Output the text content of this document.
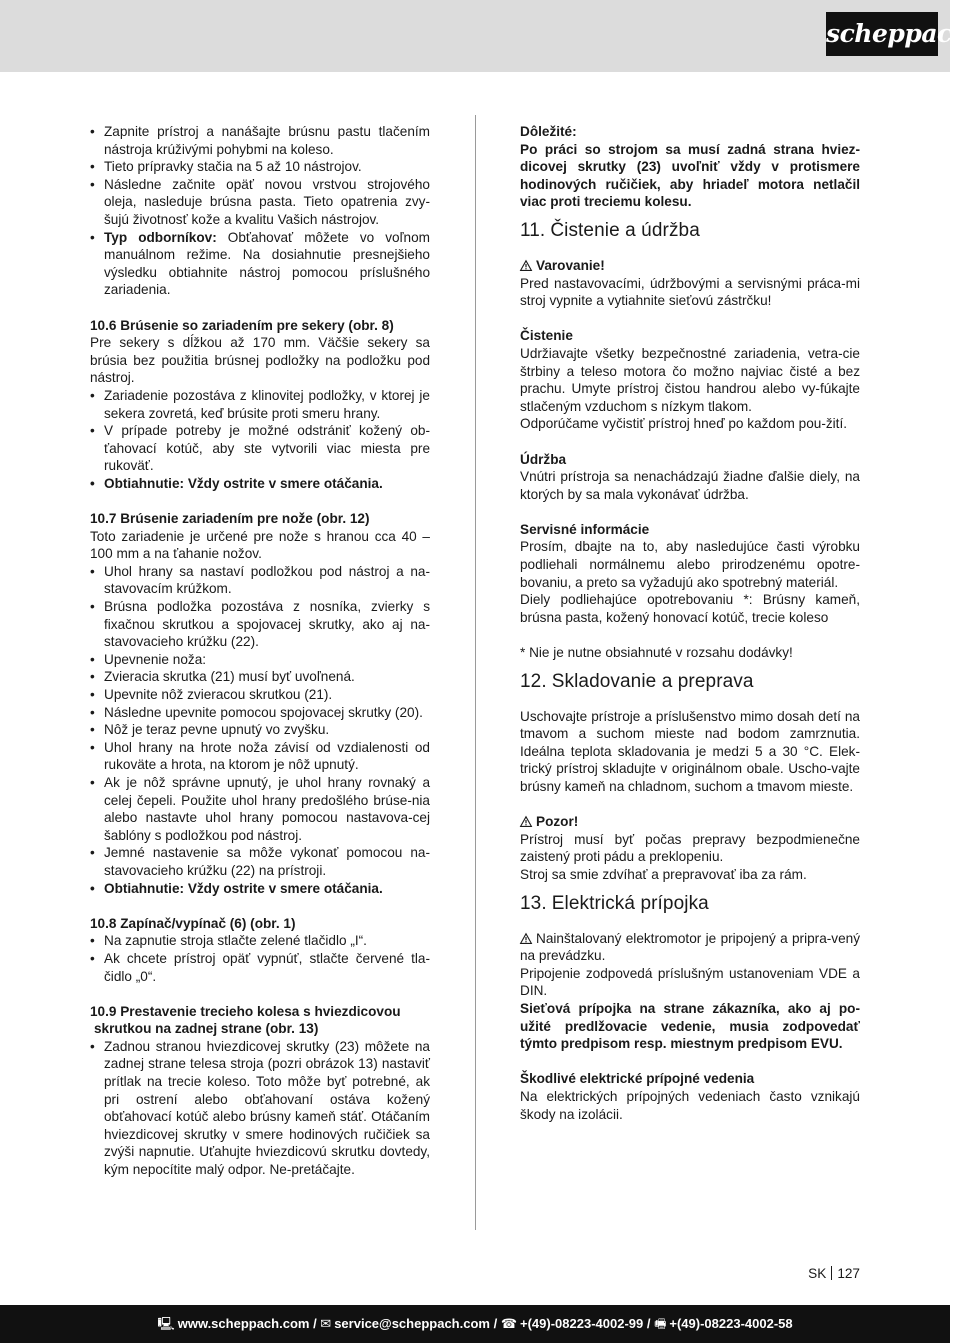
scheppach
• Zapnite prístroj a nanášajte brúsnu pastu tlačením nástroja krúživými pohybmi na koleso.
• Tieto prípravky stačia na 5 až 10 nástrojov.
• Následne začnite opäť novou vrstvou strojového oleja, nasleduje brúsna pasta. Tieto opatrenia zvy-šujú životnosť kože a kvalitu Vašich nástrojov.
• Typ odborníkov: Obťahovať môžete vo voľnom manuálnom režime. Na dosiahnutie presnejšieho výsledku obtiahnite nástroj pomocou príslušného zariadenia.

10.6 Brúsenie so zariadením pre sekery (obr. 8)

Pre sekery s dĺžkou až 170 mm. Väčšie sekery sa brúsia bez použitia brúsnej podložky na podložku pod nástroj.

• Zariadenie pozostáva z klinovitej podložky, v ktorej je sekera zovretá, keď brúsite proti smeru hrany.
• V prípade potreby je možné odstrániť kožený ob-ťahovací kotúč, aby ste vytvorili viac miesta pre rukoväť.
• Obtiahnutie: Vždy ostrite v smere otáčania.

10.7 Brúsenie zariadením pre nože (obr. 12)

Toto zariadenie je určené pre nože s hranou cca 40 – 100 mm a na ťahanie nožov.

• Uhol hrany sa nastaví podložkou pod nástroj a na-stavovacím krúžkom.
• Brúsna podložka pozostáva z nosníka, zvierky s fixačnou skrutkou a spojovacej skrutky, ako aj na-stavovacieho krúžku (22).
• Upevnenie noža:
• Zvieracia skrutka (21) musí byť uvoľnená.
• Upevnite nôž zvieracou skrutkou (21).
• Následne upevnite pomocou spojovacej skrutky (20).
• Nôž je teraz pevne upnutý vo zvyšku.
• Uhol hrany na hrote noža závisí od vzdialenosti od rukoväte a hrota, na ktorom je nôž upnutý.
• Ak je nôž správne upnutý, je uhol hrany rovnaký a celej čepeli. Použite uhol hrany predošlého brúse-nia alebo nastavte uhol hrany pomocou nastavova-cej šablóny s podložkou pod nástroj.
• Jemné nastavenie sa môže vykonať pomocou na-stavovacieho krúžku (22) na prístroji.
• Obtiahnutie: Vždy ostrite v smere otáčania.

10.8 Zapínač/vypínač (6) (obr. 1)

• Na zapnutie stroja stlačte zelené tlačidlo „I“.
• Ak chcete prístroj opäť vypnúť, stlačte červené tla-čidlo „0“.

10.9 Prestavenie trecieho kolesa s hviezdicovou

skrutkou na zadnej strane (obr. 13)

• Zadnou stranou hviezdicovej skrutky (23) môžete na zadnej strane telesa stroja (pozri obrázok 13) nastaviť prítlak na trecie koleso. Toto môže byť potrebné, ak pri ostrení alebo obťahovaní ostáva kožený obťahovací kotúč alebo brúsny kameň stáť. Otáčaním hviezdicovej skrutky v smere hodinových ručičiek sa zvýši napnutie. Uťahujte hviezdicovú skrutku dovtedy, kým nepocítite malý odpor. Ne-pretáčajte.

Dôležité:

Po práci so strojom sa musí zadná strana hviez-dicovej skrutky (23) uvoľniť vždy v protismere hodinových ručičiek, aby hriadeľ motora netlačil viac proti treciemu kolesu.

11. Čistenie a údržba

Varovanie!

Pred nastavovacími, údržbovými a servisnými práca-mi stroj vypnite a vytiahnite sieťovú zástrčku!

Čistenie

Udržiavajte všetky bezpečnostné zariadenia, vetra-cie štrbiny a teleso motora čo možno najviac čisté a bez prachu. Umyte prístroj čistou handrou alebo vy-fúkajte stlačeným vzduchom s nízkym tlakom.

Odporúčame vyčistiť prístroj hneď po každom pou-žití.

Údržba

Vnútri prístroja sa nenachádzajú žiadne ďalšie diely, na ktorých by sa mala vykonávať údržba.

Servisné informácie

Prosím, dbajte na to, aby nasledujúce časti výrobku podliehali normálnemu alebo prirodzenému opotre-bovaniu, a preto sa vyžadujú ako spotrebný materiál.

Diely podliehajúce opotrebovaniu *: Brúsny kameň, brúsna pasta, kožený honovací kotúč, trecie koleso

* Nie je nutne obsiahnuté v rozsahu dodávky!

12. Skladovanie a preprava

Uschovajte prístroje a príslušenstvo mimo dosah detí na tmavom a suchom mieste nad bodom zamrznutia. Ideálna teplota skladovania je medzi 5 a 30 °C. Elek-trický prístroj skladujte v originálnom obale. Uscho-vajte brúsny kameň na chladnom, suchom a tmavom mieste.

Pozor!

Prístroj musí byť počas prepravy bezpodmienečne zaistený proti pádu a preklopeniu.

Stroj sa smie zdvíhať a prepravovať iba za rám.

13. Elektrická prípojka

Nainštalovaný elektromotor je pripojený a pripra-vený na prevádzku.

Pripojenie zodpovedá príslušným ustanoveniam VDE a DIN.

Sieťová prípojka na strane zákazníka, ako aj po-užité predlžovacie vedenie, musia zodpovedať týmto predpisom resp. miestnym predpisom EVU.

Škodlivé elektrické prípojné vedenia

Na elektrických prípojných vedeniach často vznikajú škody na izolácii.

SK 127
🖳 www.scheppach.com / ✉ service@scheppach.com / ☎ +(49)-08223-4002-99 / 🖷 +(49)-08223-4002-58
